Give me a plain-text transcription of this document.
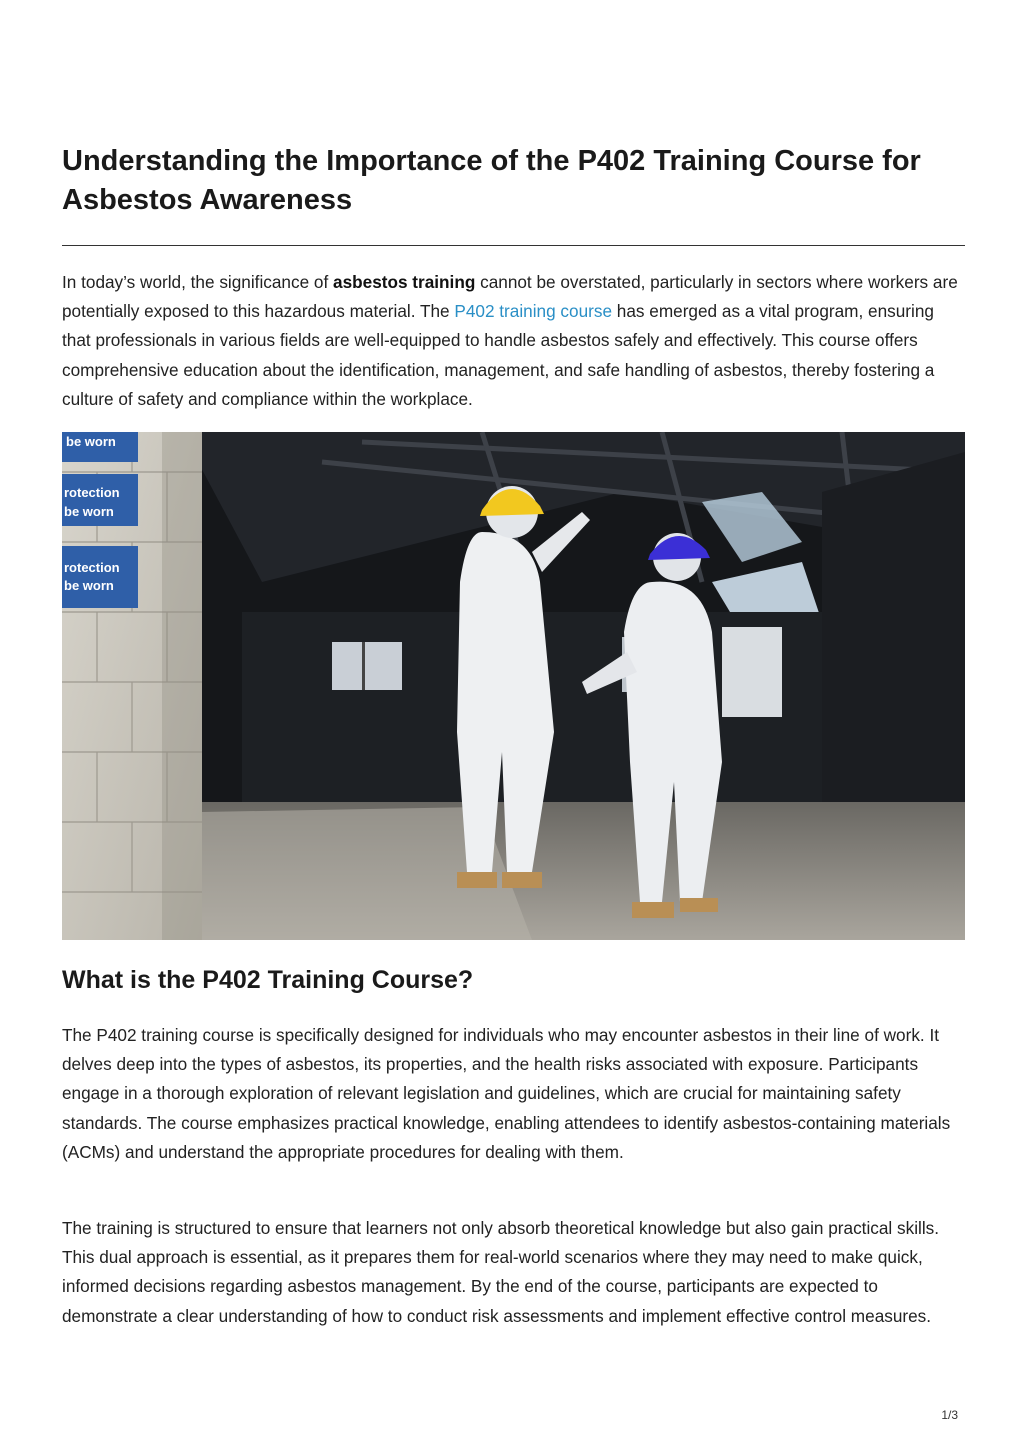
Understanding the Importance of the P402 Training Course for Asbestos Awareness

In today’s world, the significance of asbestos training cannot be overstated, particularly in sectors where workers are potentially exposed to this hazardous material. The P402 training course has emerged as a vital program, ensuring that professionals in various fields are well-equipped to handle asbestos safely and effectively. This course offers comprehensive education about the identification, management, and safe handling of asbestos, thereby fostering a culture of safety and compliance within the workplace.

be worn
rotection
be worn
rotection
be worn
What is the P402 Training Course?

The P402 training course is specifically designed for individuals who may encounter asbestos in their line of work. It delves deep into the types of asbestos, its properties, and the health risks associated with exposure. Participants engage in a thorough exploration of relevant legislation and guidelines, which are crucial for maintaining safety standards. The course emphasizes practical knowledge, enabling attendees to identify asbestos-containing materials (ACMs) and understand the appropriate procedures for dealing with them.

The training is structured to ensure that learners not only absorb theoretical knowledge but also gain practical skills. This dual approach is essential, as it prepares them for real-world scenarios where they may need to make quick, informed decisions regarding asbestos management. By the end of the course, participants are expected to demonstrate a clear understanding of how to conduct risk assessments and implement effective control measures.

1/3
